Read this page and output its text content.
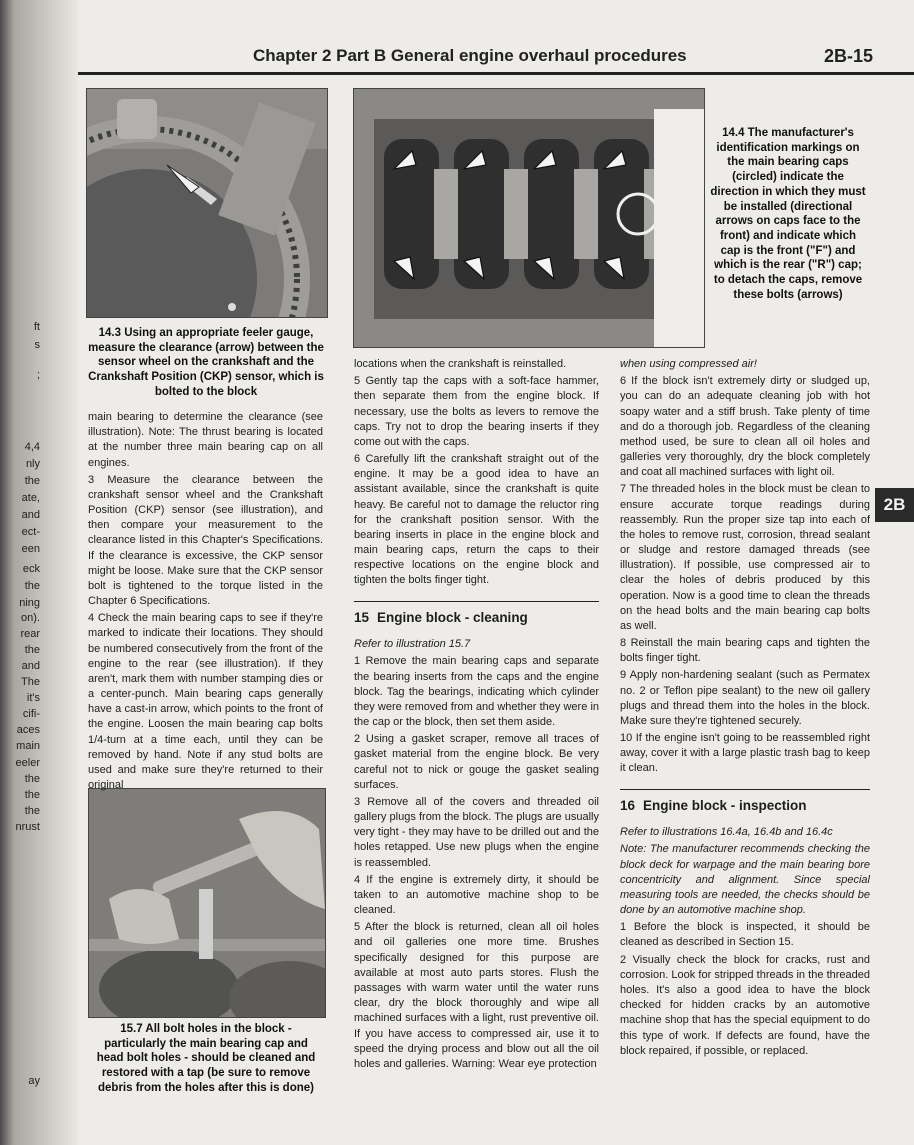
ft
s
;
4,4
nly
the
ate,
and
ect-
een
eck
the
ning
on).
rear
the
and
The
it's
cifi-
aces
main
eeler
the
the
the
nrust
ay
Chapter 2 Part B General engine overhaul procedures	2B-15
2B
14.3 Using an appropriate feeler gauge, measure the clearance (arrow) between the sensor wheel on the crankshaft and the Crankshaft Position (CKP) sensor, which is bolted to the block
14.4 The manufacturer's identification markings on the main bearing caps (circled) indicate the direction in which they must be installed (directional arrows on caps face to the front) and indicate which cap is the front ("F") and which is the rear ("R") cap; to detach the caps, remove these bolts (arrows)
15.7 All bolt holes in the block - particularly the main bearing cap and head bolt holes - should be cleaned and restored with a tap (be sure to remove debris from the holes after this is done)

main bearing to determine the clearance (see illustration). Note: The thrust bearing is located at the number three main bearing cap on all engines.

3 Measure the clearance between the crankshaft sensor wheel and the Crankshaft Position (CKP) sensor (see illustration), and then compare your measurement to the clearance listed in this Chapter's Specifications. If the clearance is excessive, the CKP sensor might be loose. Make sure that the CKP sensor bolt is tightened to the torque listed in the Chapter 6 Specifications.

4 Check the main bearing caps to see if they're marked to indicate their locations. They should be numbered consecutively from the front of the engine to the rear (see illustration). If they aren't, mark them with number stamping dies or a center-punch. Main bearing caps generally have a cast-in arrow, which points to the front of the engine. Loosen the main bearing cap bolts 1/4-turn at a time each, until they can be removed by hand. Note if any stud bolts are used and make sure they're returned to their original

locations when the crankshaft is reinstalled.

5 Gently tap the caps with a soft-face hammer, then separate them from the engine block. If necessary, use the bolts as levers to remove the caps. Try not to drop the bearing inserts if they come out with the caps.

6 Carefully lift the crankshaft straight out of the engine. It may be a good idea to have an assistant available, since the crankshaft is quite heavy. Be careful not to damage the reluctor ring for the crankshaft position sensor. With the bearing inserts in place in the engine block and main bearing caps, return the caps to their respective locations on the engine block and tighten the bolts finger tight.

15 Engine block - cleaning

Refer to illustration 15.7

1 Remove the main bearing caps and separate the bearing inserts from the caps and the engine block. Tag the bearings, indicating which cylinder they were removed from and whether they were in the cap or the block, then set them aside.

2 Using a gasket scraper, remove all traces of gasket material from the engine block. Be very careful not to nick or gouge the gasket sealing surfaces.

3 Remove all of the covers and threaded oil gallery plugs from the block. The plugs are usually very tight - they may have to be drilled out and the holes retapped. Use new plugs when the engine is reassembled.

4 If the engine is extremely dirty, it should be taken to an automotive machine shop to be cleaned.

5 After the block is returned, clean all oil holes and oil galleries one more time. Brushes specifically designed for this purpose are available at most auto parts stores. Flush the passages with warm water until the water runs clear, dry the block thoroughly and wipe all machined surfaces with a light, rust preventive oil. If you have access to compressed air, use it to speed the drying process and blow out all the oil holes and galleries. Warning: Wear eye protection

when using compressed air!

6 If the block isn't extremely dirty or sludged up, you can do an adequate cleaning job with hot soapy water and a stiff brush. Take plenty of time and do a thorough job. Regardless of the cleaning method used, be sure to clean all oil holes and galleries very thoroughly, dry the block completely and coat all machined surfaces with light oil.

7 The threaded holes in the block must be clean to ensure accurate torque readings during reassembly. Run the proper size tap into each of the holes to remove rust, corrosion, thread sealant or sludge and restore damaged threads (see illustration). If possible, use compressed air to clear the holes of debris produced by this operation. Now is a good time to clean the threads on the head bolts and the main bearing cap bolts as well.

8 Reinstall the main bearing caps and tighten the bolts finger tight.

9 Apply non-hardening sealant (such as Permatex no. 2 or Teflon pipe sealant) to the new oil gallery plugs and thread them into the holes in the block. Make sure they're tightened securely.

10 If the engine isn't going to be reassembled right away, cover it with a large plastic trash bag to keep it clean.

16 Engine block - inspection

Refer to illustrations 16.4a, 16.4b and 16.4c

Note: The manufacturer recommends checking the block deck for warpage and the main bearing bore concentricity and alignment. Since special measuring tools are needed, the checks should be done by an automotive machine shop.

1 Before the block is inspected, it should be cleaned as described in Section 15.

2 Visually check the block for cracks, rust and corrosion. Look for stripped threads in the threaded holes. It's also a good idea to have the block checked for hidden cracks by an automotive machine shop that has the special equipment to do this type of work. If defects are found, have the block repaired, if possible, or replaced.
